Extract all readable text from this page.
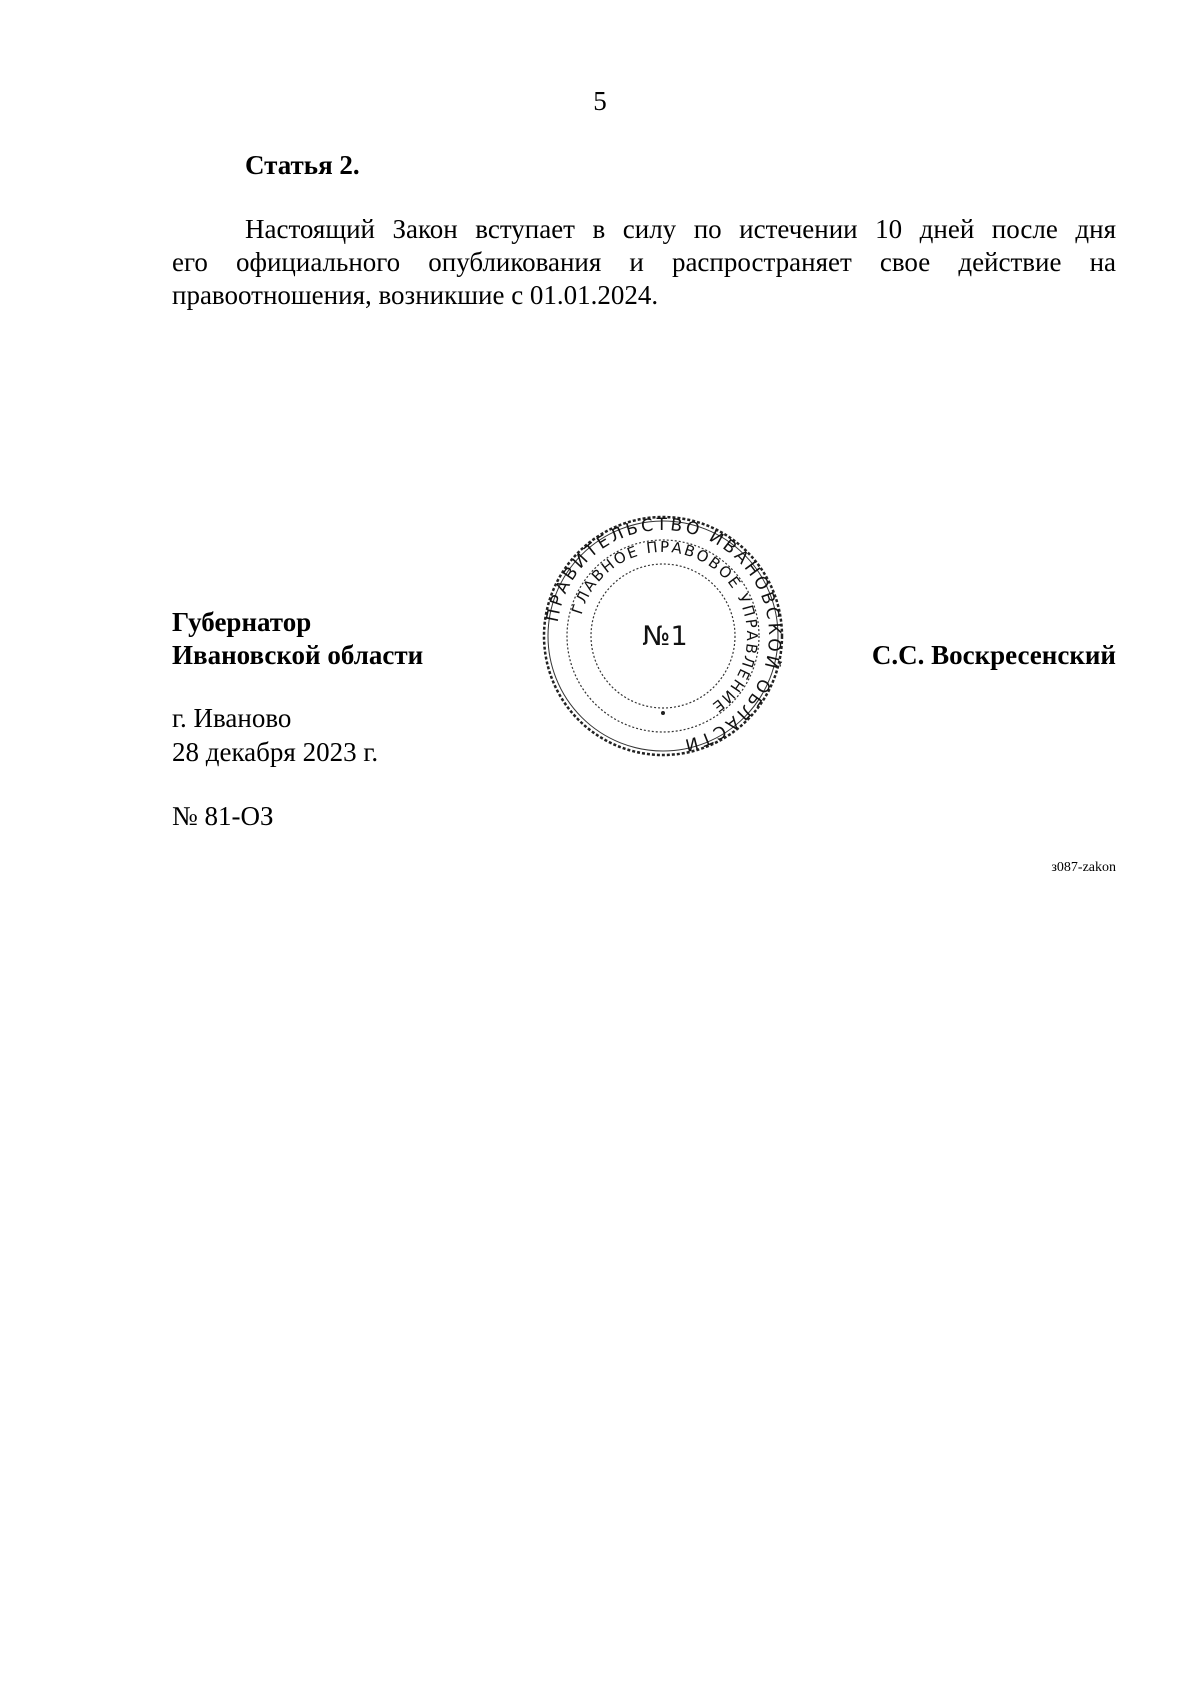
5
Статья 2.

Настоящий Закон вступает в силу по истечении 10 дней после дня
его официального опубликования и распространяет свое действие на
правоотношения, возникшие с 01.01.2024.

Губернатор
Ивановской области
ПРАВИТЕЛЬСТВО ИВАНОВСКОЙ ОБЛАСТИ
ГЛАВНОЕ ПРАВОВОЕ УПРАВЛЕНИЕ
№1
С.С. Воскресенский
г. Иваново
28 декабря 2023 г.
№ 81-ОЗ
з087-zakon
